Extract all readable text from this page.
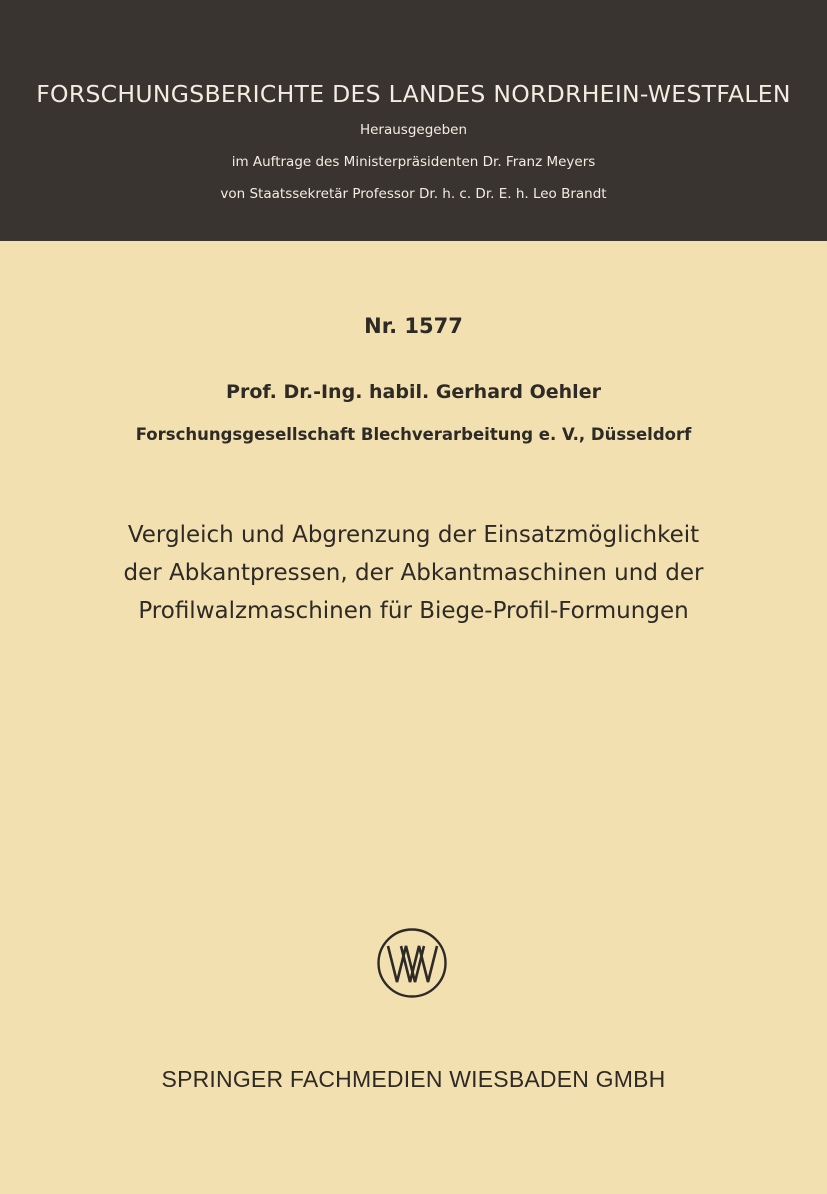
FORSCHUNGSBERICHTE DES LANDES NORDRHEIN-WESTFALEN
Herausgegeben
im Auftrage des Ministerpräsidenten Dr. Franz Meyers
von Staatssekretär Professor Dr. h. c. Dr. E. h. Leo Brandt
Nr. 1577
Prof. Dr.-Ing. habil. Gerhard Oehler
Forschungsgesellschaft Blechverarbeitung e. V., Düsseldorf
Vergleich und Abgrenzung der Einsatzmöglichkeit
der Abkantpressen, der Abkantmaschinen und der
Profilwalzmaschinen für Biege-Profil-Formungen
SPRINGER FACHMEDIEN WIESBADEN GMBH
